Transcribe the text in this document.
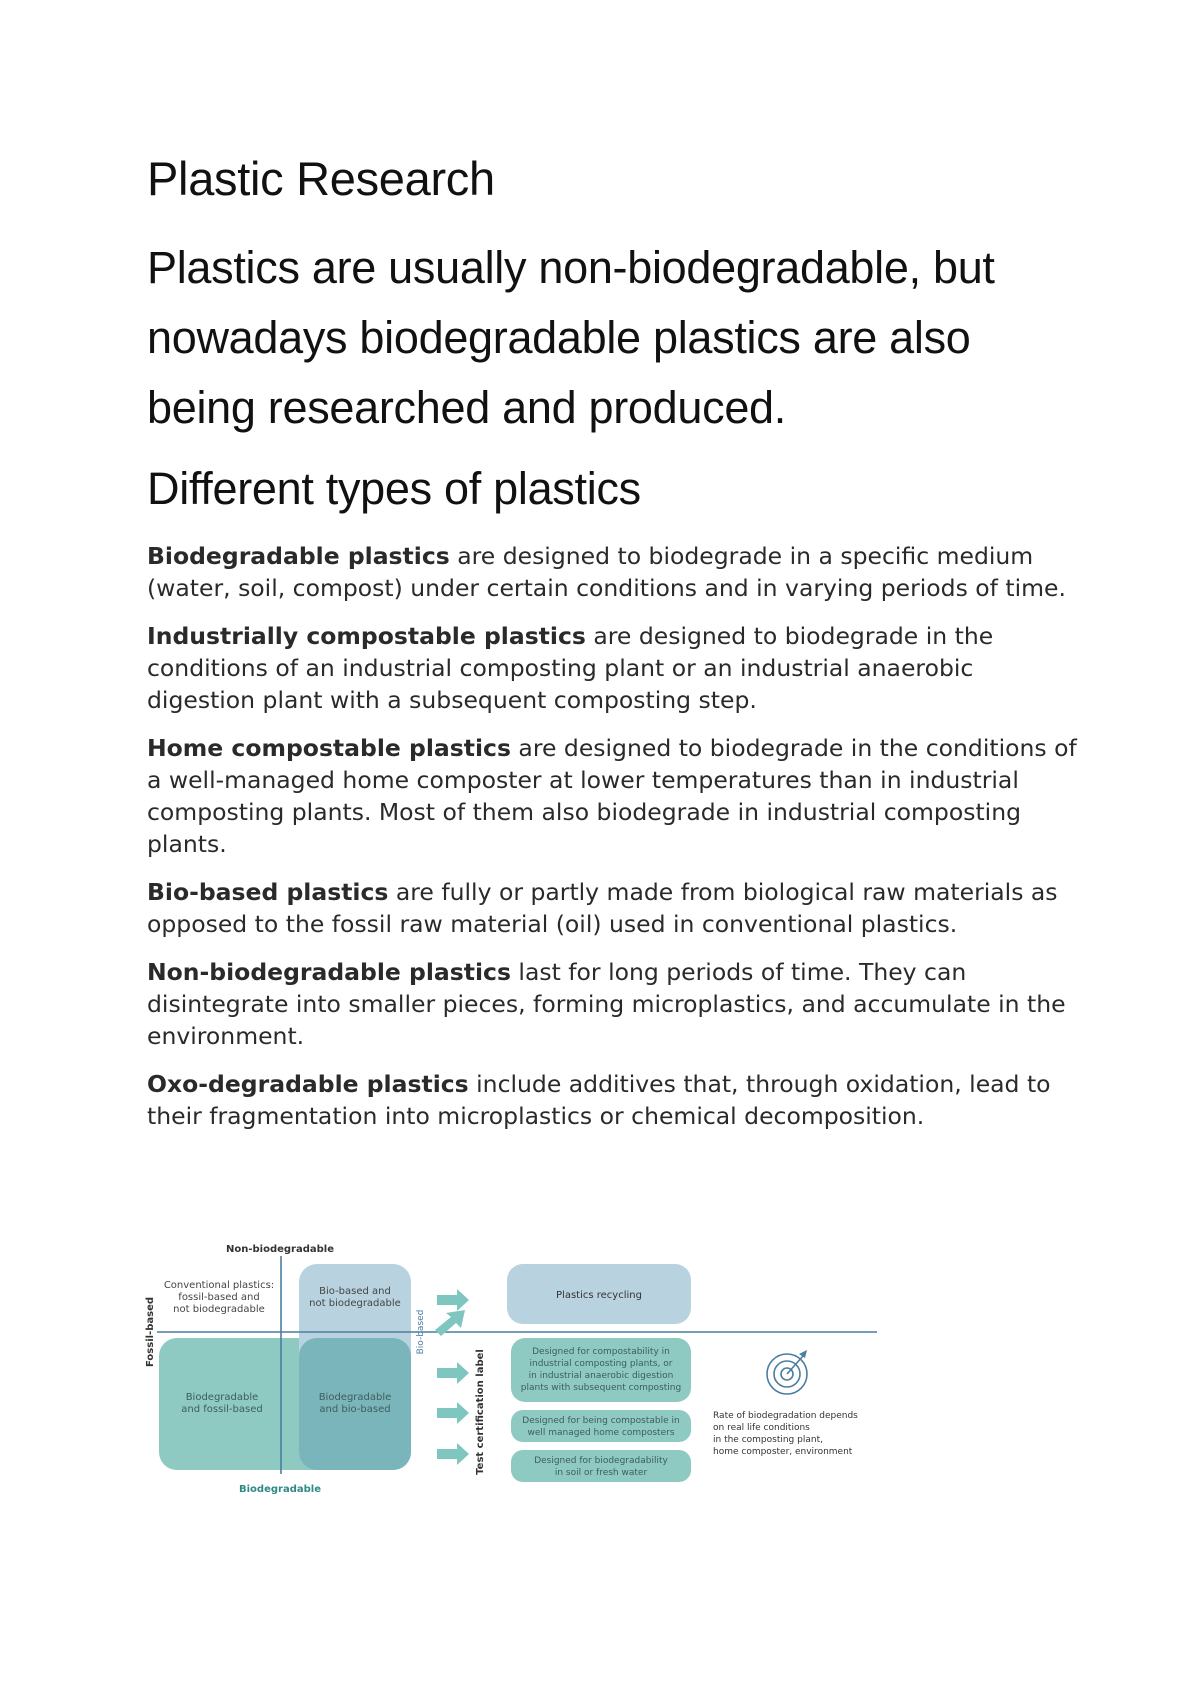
Plastic Research

Plastics are usually non-biodegradable, but nowadays biodegradable plastics are also being researched and produced.

Different types of plastics

Biodegradable plastics are designed to biodegrade in a specific medium (water, soil, compost) under certain conditions and in varying periods of time.

Industrially compostable plastics are designed to biodegrade in the conditions of an industrial composting plant or an industrial anaerobic digestion plant with a subsequent composting step.

Home compostable plastics are designed to biodegrade in the conditions of a well-managed home composter at lower temperatures than in industrial composting plants. Most of them also biodegrade in industrial composting plants.

Bio-based plastics are fully or partly made from biological raw materials as opposed to the fossil raw material (oil) used in conventional plastics.

Non-biodegradable plastics last for long periods of time. They can disintegrate into smaller pieces, forming microplastics, and accumulate in the environment.

Oxo-degradable plastics include additives that, through oxidation, lead to their fragmentation into microplastics or chemical decomposition.

Non-biodegradable
Biodegradable
Fossil-based	Bio-based
Conventional plastics:
fossil-based and
not biodegradable
Bio-based and
not biodegradable
Biodegradable
and fossil-based
Biodegradable
and bio-based	Test certification label
Plastics recycling
Designed for compostability in
industrial composting plants, or
in industrial anaerobic digestion
plants with subsequent composting
Designed for being compostable in
well managed home composters
Designed for biodegradability
in soil or fresh water
Rate of biodegradation depends
on real life conditions
in the composting plant,
home composter, environment
